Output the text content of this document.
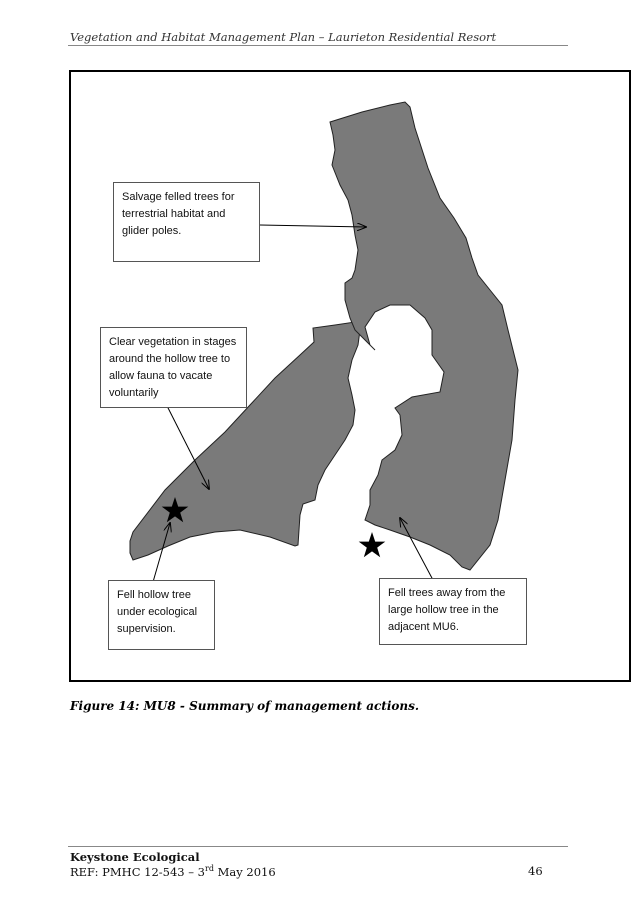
Vegetation and Habitat Management Plan – Laurieton Residential Resort
Salvage felled trees for
terrestrial habitat and
glider poles.
Clear vegetation in stages
around the hollow tree to
allow fauna to vacate
voluntarily
Fell hollow tree
under ecological
supervision.
Fell trees away from the
large hollow tree in the
adjacent MU6.
Figure 14: MU8 - Summary of management actions.
Keystone Ecological
REF: PMHC 12-543 – 3rd May 2016	46
